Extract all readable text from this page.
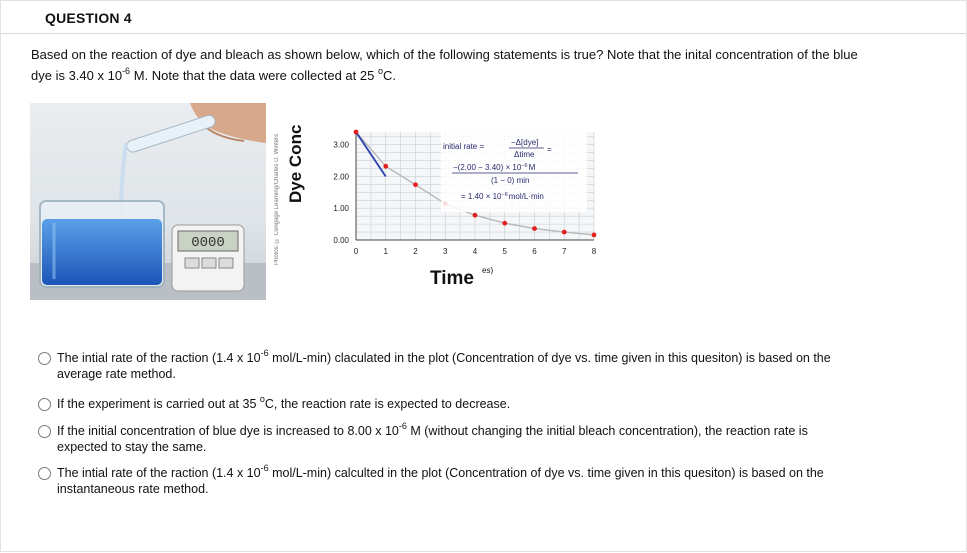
QUESTION 4
Based on the reaction of dye and bleach as shown below, which of the following statements is true? Note that the inital concentration of the blue
dye is 3.40 x $10^{-6}$ M. Note that the data were collected at 25 $^o$C.
0000	Photos: © Cengage Learning/Charles D. Winters Dye Conc
0	1	2	3	4	5	6	7	8
0.00
1.00
2.00
3.00	initial rate =	−Δ[dye]
Δtime
=
$-(2.00 - 3.40) \times 10^{-6}M$
(1 − 0) min
= $1.40 \times 10^{-6}mol/L\cdot\min$
Time es)
The intial rate of the raction (1.4 x $10^{-6}$ mol/L-min) claculated in the plot (Concentration of dye vs. time given in this quesiton) is based on the
average rate method.
If the experiment is carried out at 35 $^o$C, the reaction rate is expected to decrease.
If the initial concentration of blue dye is increased to 8.00 x $10^{-6}$ M (without changing the initial bleach concentration), the reaction rate is
expected to stay the same.
The intial rate of the raction (1.4 x $10^{-6}$ mol/L-min) calculted in the plot (Concentration of dye vs. time given in this quesiton) is based on the
instantaneous rate method.
